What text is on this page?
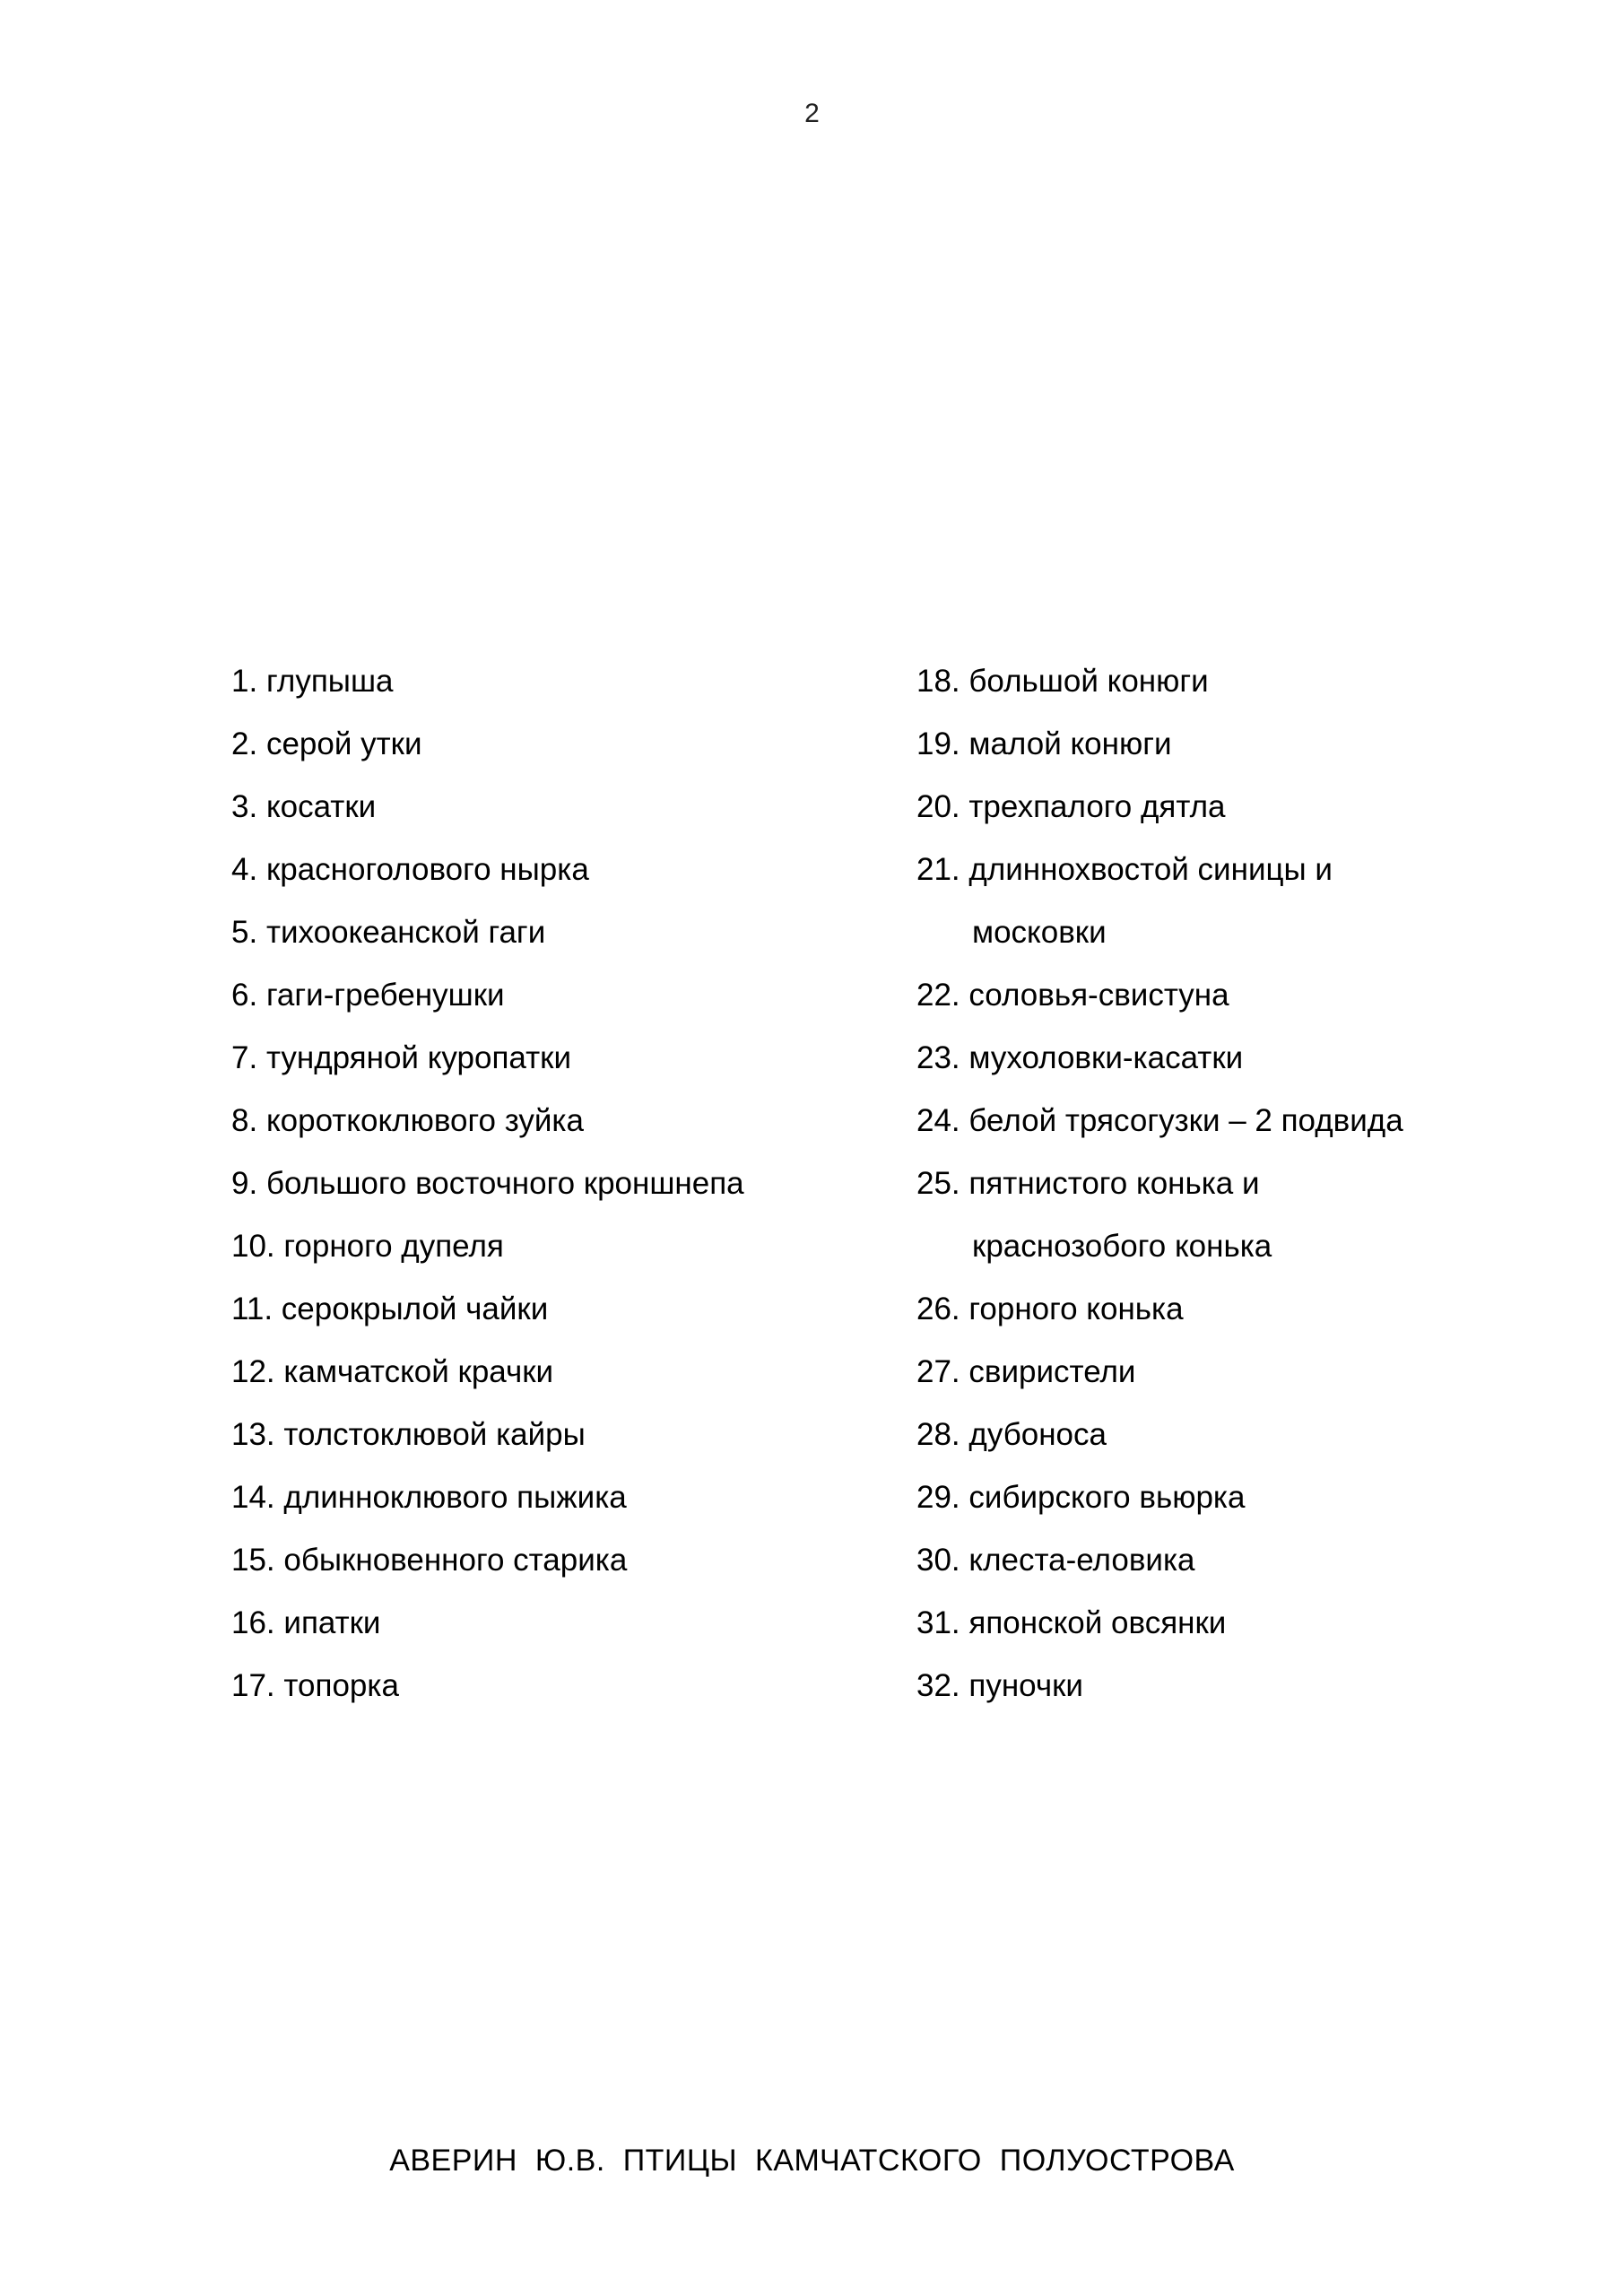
2
1. глупыша
2. серой утки
3. косатки
4. красноголового нырка
5. тихоокеанской гаги
6. гаги-гребенушки
7. тундряной куропатки
8. короткоклювого зуйка
9. большого восточного кроншнепа
10. горного дупеля
11. серокрылой чайки
12. камчатской крачки
13. толстоклювой кайры
14. длинноклювого пыжика
15. обыкновенного старика
16. ипатки
17. топорка
18. большой конюги
19. малой конюги
20. трехпалого дятла
21. длиннохвостой синицы и
московки
22. соловья-свистуна
23. мухоловки-касатки
24. белой трясогузки – 2 подвида
25. пятнистого конька и
краснозобого конька
26. горного конька
27. свиристели
28. дубоноса
29. сибирского вьюрка
30. клеста-еловика
31. японской овсянки
32. пуночки
АВЕРИН Ю.В. ПТИЦЫ КАМЧАТСКОГО ПОЛУОСТРОВА
